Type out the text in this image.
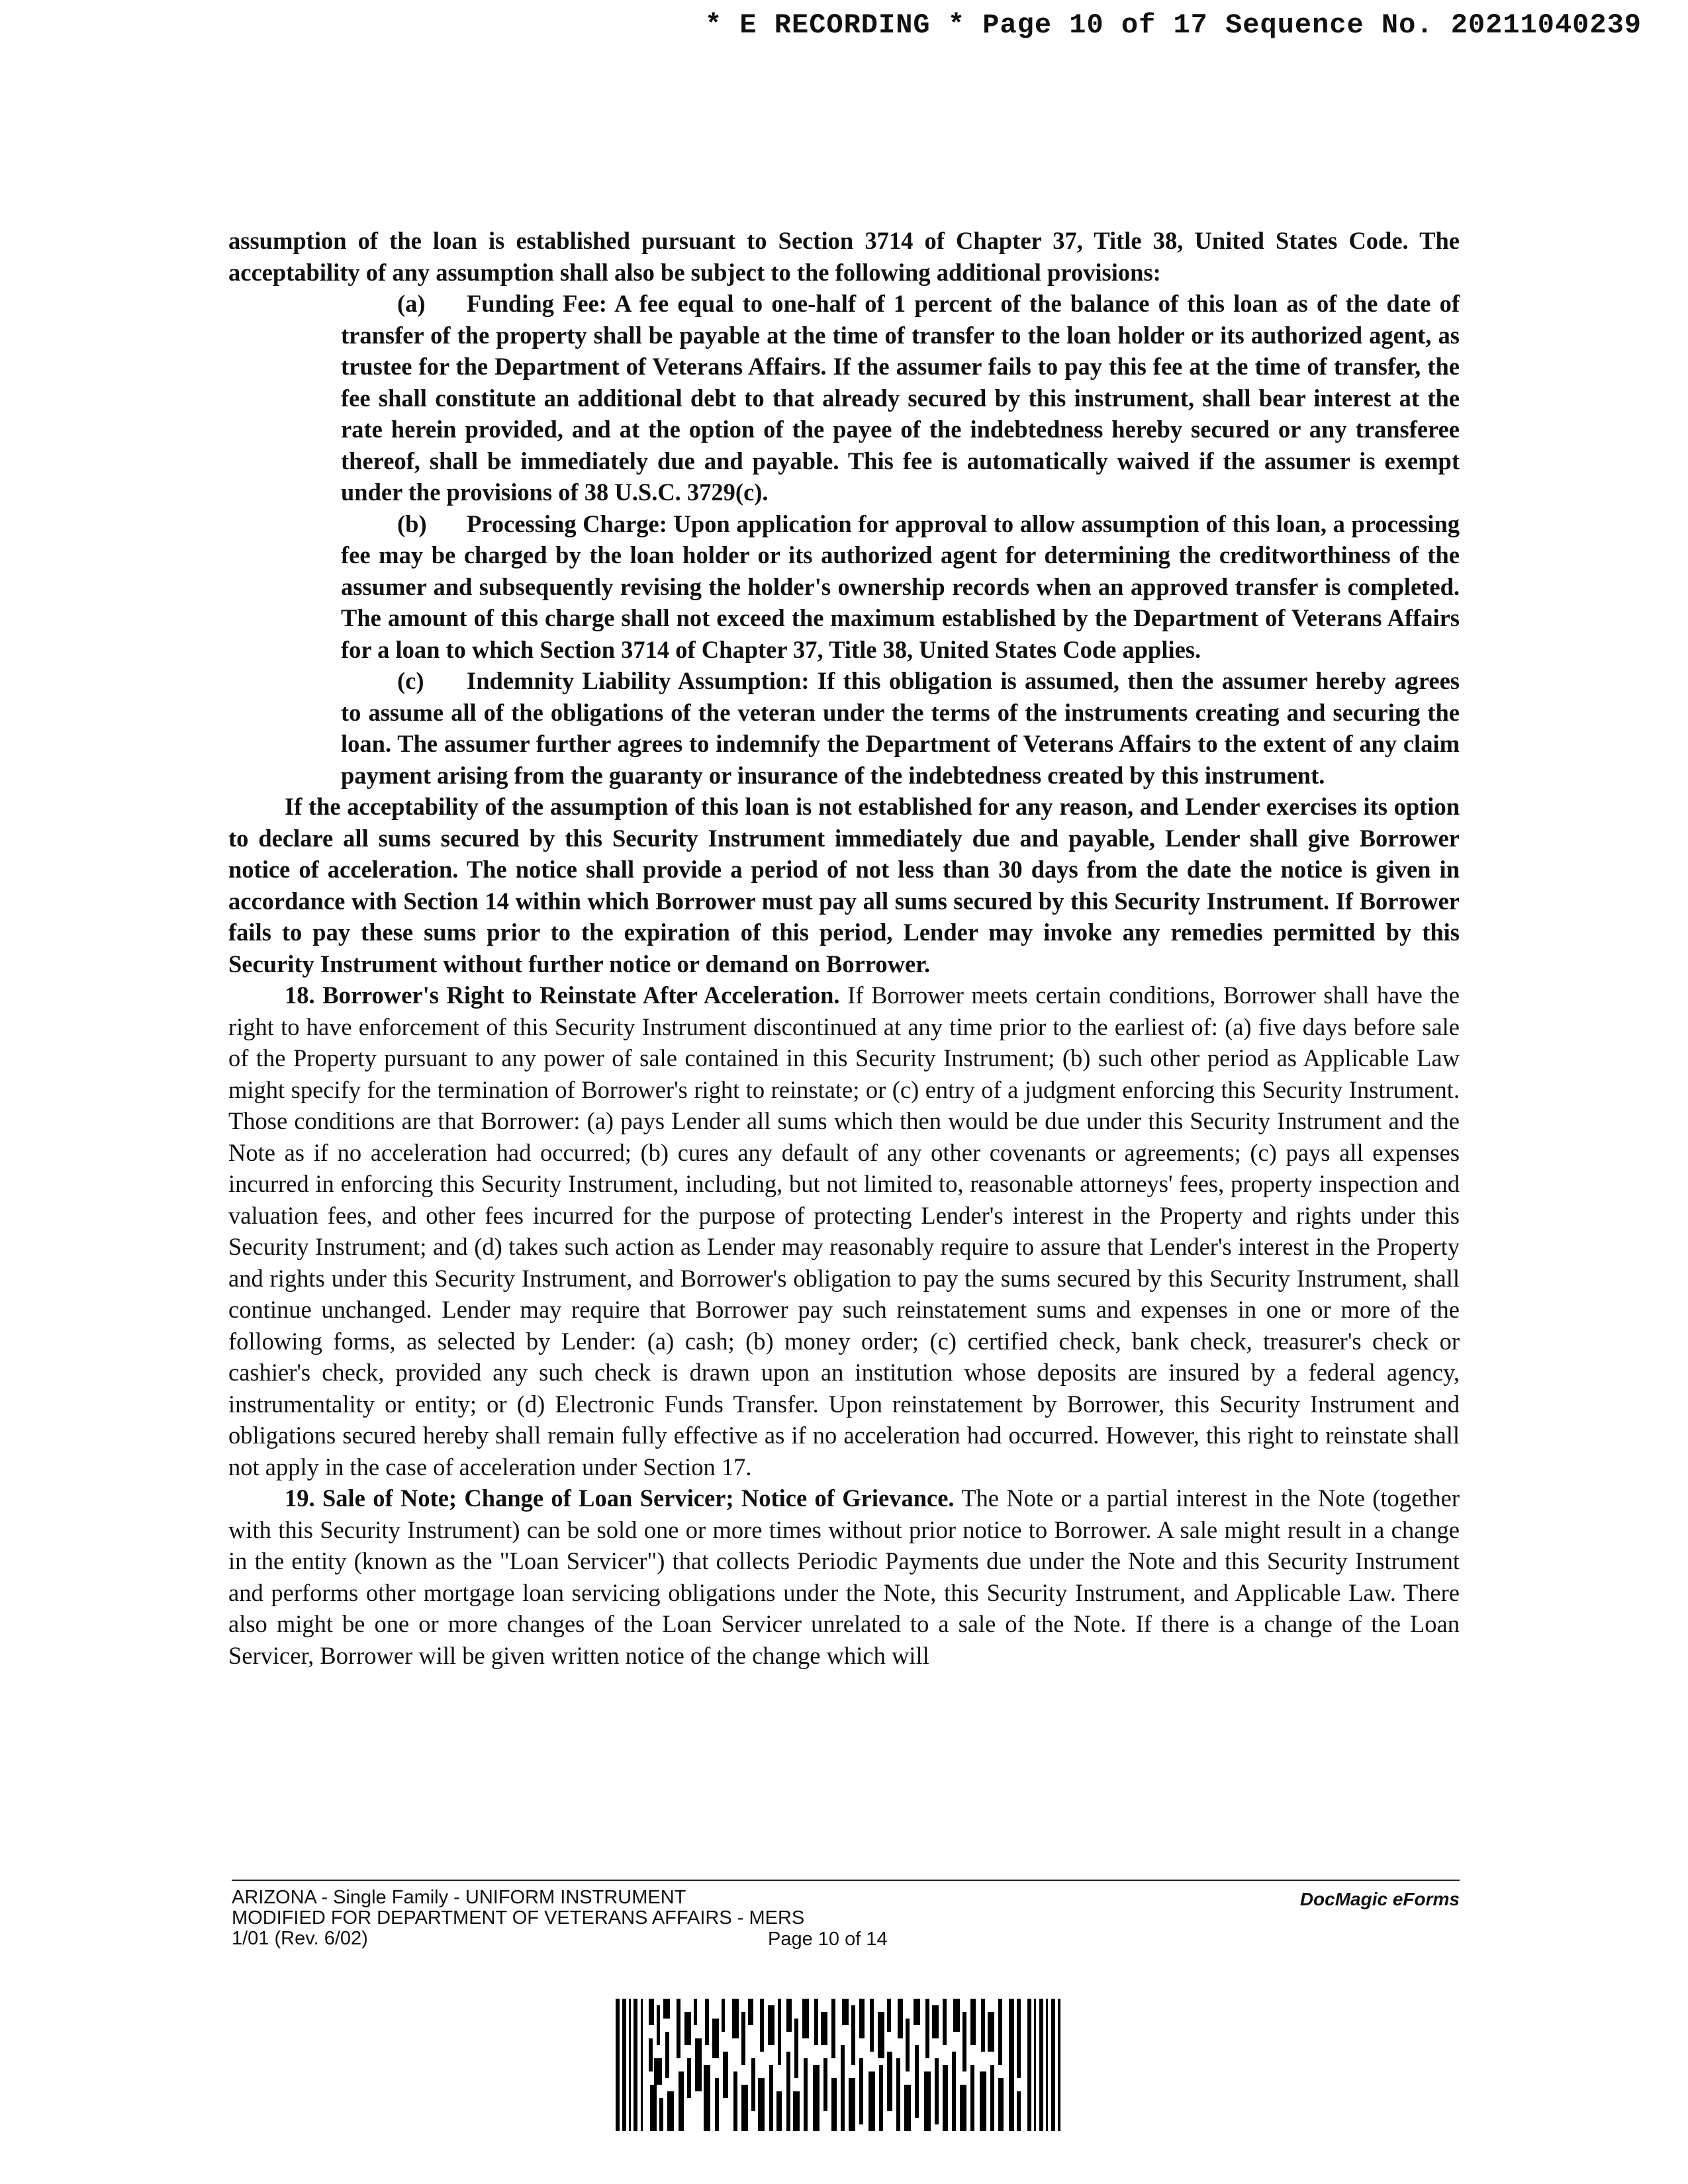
* E RECORDING * Page 10 of 17 Sequence No. 20211040239

assumption of the loan is established pursuant to Section 3714 of Chapter 37, Title 38, United States Code. The acceptability of any assumption shall also be subject to the following additional provisions:

(a) Funding Fee: A fee equal to one-half of 1 percent of the balance of this loan as of the date of transfer of the property shall be payable at the time of transfer to the loan holder or its authorized agent, as trustee for the Department of Veterans Affairs. If the assumer fails to pay this fee at the time of transfer, the fee shall constitute an additional debt to that already secured by this instrument, shall bear interest at the rate herein provided, and at the option of the payee of the indebtedness hereby secured or any transferee thereof, shall be immediately due and payable. This fee is automatically waived if the assumer is exempt under the provisions of 38 U.S.C. 3729(c).

(b) Processing Charge: Upon application for approval to allow assumption of this loan, a processing fee may be charged by the loan holder or its authorized agent for determining the creditworthiness of the assumer and subsequently revising the holder's ownership records when an approved transfer is completed. The amount of this charge shall not exceed the maximum established by the Department of Veterans Affairs for a loan to which Section 3714 of Chapter 37, Title 38, United States Code applies.

(c) Indemnity Liability Assumption: If this obligation is assumed, then the assumer hereby agrees to assume all of the obligations of the veteran under the terms of the instruments creating and securing the loan. The assumer further agrees to indemnify the Department of Veterans Affairs to the extent of any claim payment arising from the guaranty or insurance of the indebtedness created by this instrument.

If the acceptability of the assumption of this loan is not established for any reason, and Lender exercises its option to declare all sums secured by this Security Instrument immediately due and payable, Lender shall give Borrower notice of acceleration. The notice shall provide a period of not less than 30 days from the date the notice is given in accordance with Section 14 within which Borrower must pay all sums secured by this Security Instrument. If Borrower fails to pay these sums prior to the expiration of this period, Lender may invoke any remedies permitted by this Security Instrument without further notice or demand on Borrower.

18. Borrower's Right to Reinstate After Acceleration. If Borrower meets certain conditions, Borrower shall have the right to have enforcement of this Security Instrument discontinued at any time prior to the earliest of: (a) five days before sale of the Property pursuant to any power of sale contained in this Security Instrument; (b) such other period as Applicable Law might specify for the termination of Borrower's right to reinstate; or (c) entry of a judgment enforcing this Security Instrument. Those conditions are that Borrower: (a) pays Lender all sums which then would be due under this Security Instrument and the Note as if no acceleration had occurred; (b) cures any default of any other covenants or agreements; (c) pays all expenses incurred in enforcing this Security Instrument, including, but not limited to, reasonable attorneys' fees, property inspection and valuation fees, and other fees incurred for the purpose of protecting Lender's interest in the Property and rights under this Security Instrument; and (d) takes such action as Lender may reasonably require to assure that Lender's interest in the Property and rights under this Security Instrument, and Borrower's obligation to pay the sums secured by this Security Instrument, shall continue unchanged. Lender may require that Borrower pay such reinstatement sums and expenses in one or more of the following forms, as selected by Lender: (a) cash; (b) money order; (c) certified check, bank check, treasurer's check or cashier's check, provided any such check is drawn upon an institution whose deposits are insured by a federal agency, instrumentality or entity; or (d) Electronic Funds Transfer. Upon reinstatement by Borrower, this Security Instrument and obligations secured hereby shall remain fully effective as if no acceleration had occurred. However, this right to reinstate shall not apply in the case of acceleration under Section 17.

19. Sale of Note; Change of Loan Servicer; Notice of Grievance. The Note or a partial interest in the Note (together with this Security Instrument) can be sold one or more times without prior notice to Borrower. A sale might result in a change in the entity (known as the "Loan Servicer") that collects Periodic Payments due under the Note and this Security Instrument and performs other mortgage loan servicing obligations under the Note, this Security Instrument, and Applicable Law. There also might be one or more changes of the Loan Servicer unrelated to a sale of the Note. If there is a change of the Loan Servicer, Borrower will be given written notice of the change which will

ARIZONA - Single Family - UNIFORM INSTRUMENT
MODIFIED FOR DEPARTMENT OF VETERANS AFFAIRS - MERS
1/01 (Rev. 6/02)	Page 10 of 14
DocMagic eForms
